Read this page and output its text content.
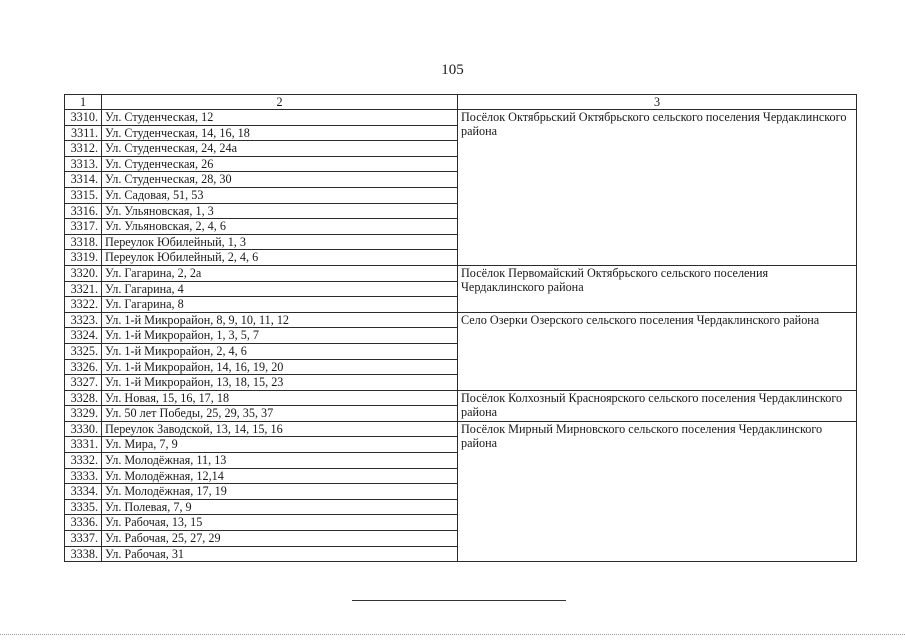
105
1	2	3
3310.	Ул. Студенческая, 12	Посёлок Октябрьский Октябрьского сельского поселения Чердаклинского района
3311.	Ул. Студенческая, 14, 16, 18	
3312.	Ул. Студенческая, 24, 24а	
3313.	Ул. Студенческая, 26	
3314.	Ул. Студенческая, 28, 30	
3315.	Ул. Садовая, 51, 53	
3316.	Ул. Ульяновская, 1, 3	
3317.	Ул. Ульяновская, 2, 4, 6	
3318.	Переулок Юбилейный, 1, 3	
3319.	Переулок Юбилейный, 2, 4, 6	
3320.	Ул. Гагарина, 2, 2а	Посёлок Первомайский Октябрьского сельского поселения Чердаклинского района
3321.	Ул. Гагарина, 4	
3322.	Ул. Гагарина, 8	
3323.	Ул. 1-й Микрорайон, 8, 9, 10, 11, 12	Село Озерки Озерского сельского поселения Чердаклинского района
3324.	Ул. 1-й Микрорайон, 1, 3, 5, 7	
3325.	Ул. 1-й Микрорайон, 2, 4, 6	
3326.	Ул. 1-й Микрорайон, 14, 16, 19, 20	
3327.	Ул. 1-й Микрорайон, 13, 18, 15, 23	
3328.	Ул. Новая, 15, 16, 17, 18	Посёлок Колхозный Красноярского сельского поселения Чердаклинского района
3329.	Ул. 50 лет Победы, 25, 29, 35, 37	
3330.	Переулок Заводской, 13, 14, 15, 16	Посёлок Мирный Мирновского сельского поселения Чердаклинского района
3331.	Ул. Мира, 7, 9	
3332.	Ул. Молодёжная, 11, 13	
3333.	Ул. Молодёжная, 12,14	
3334.	Ул. Молодёжная, 17, 19	
3335.	Ул. Полевая, 7, 9	
3336.	Ул. Рабочая, 13, 15	
3337.	Ул. Рабочая, 25, 27, 29	
3338.	Ул. Рабочая, 31	
